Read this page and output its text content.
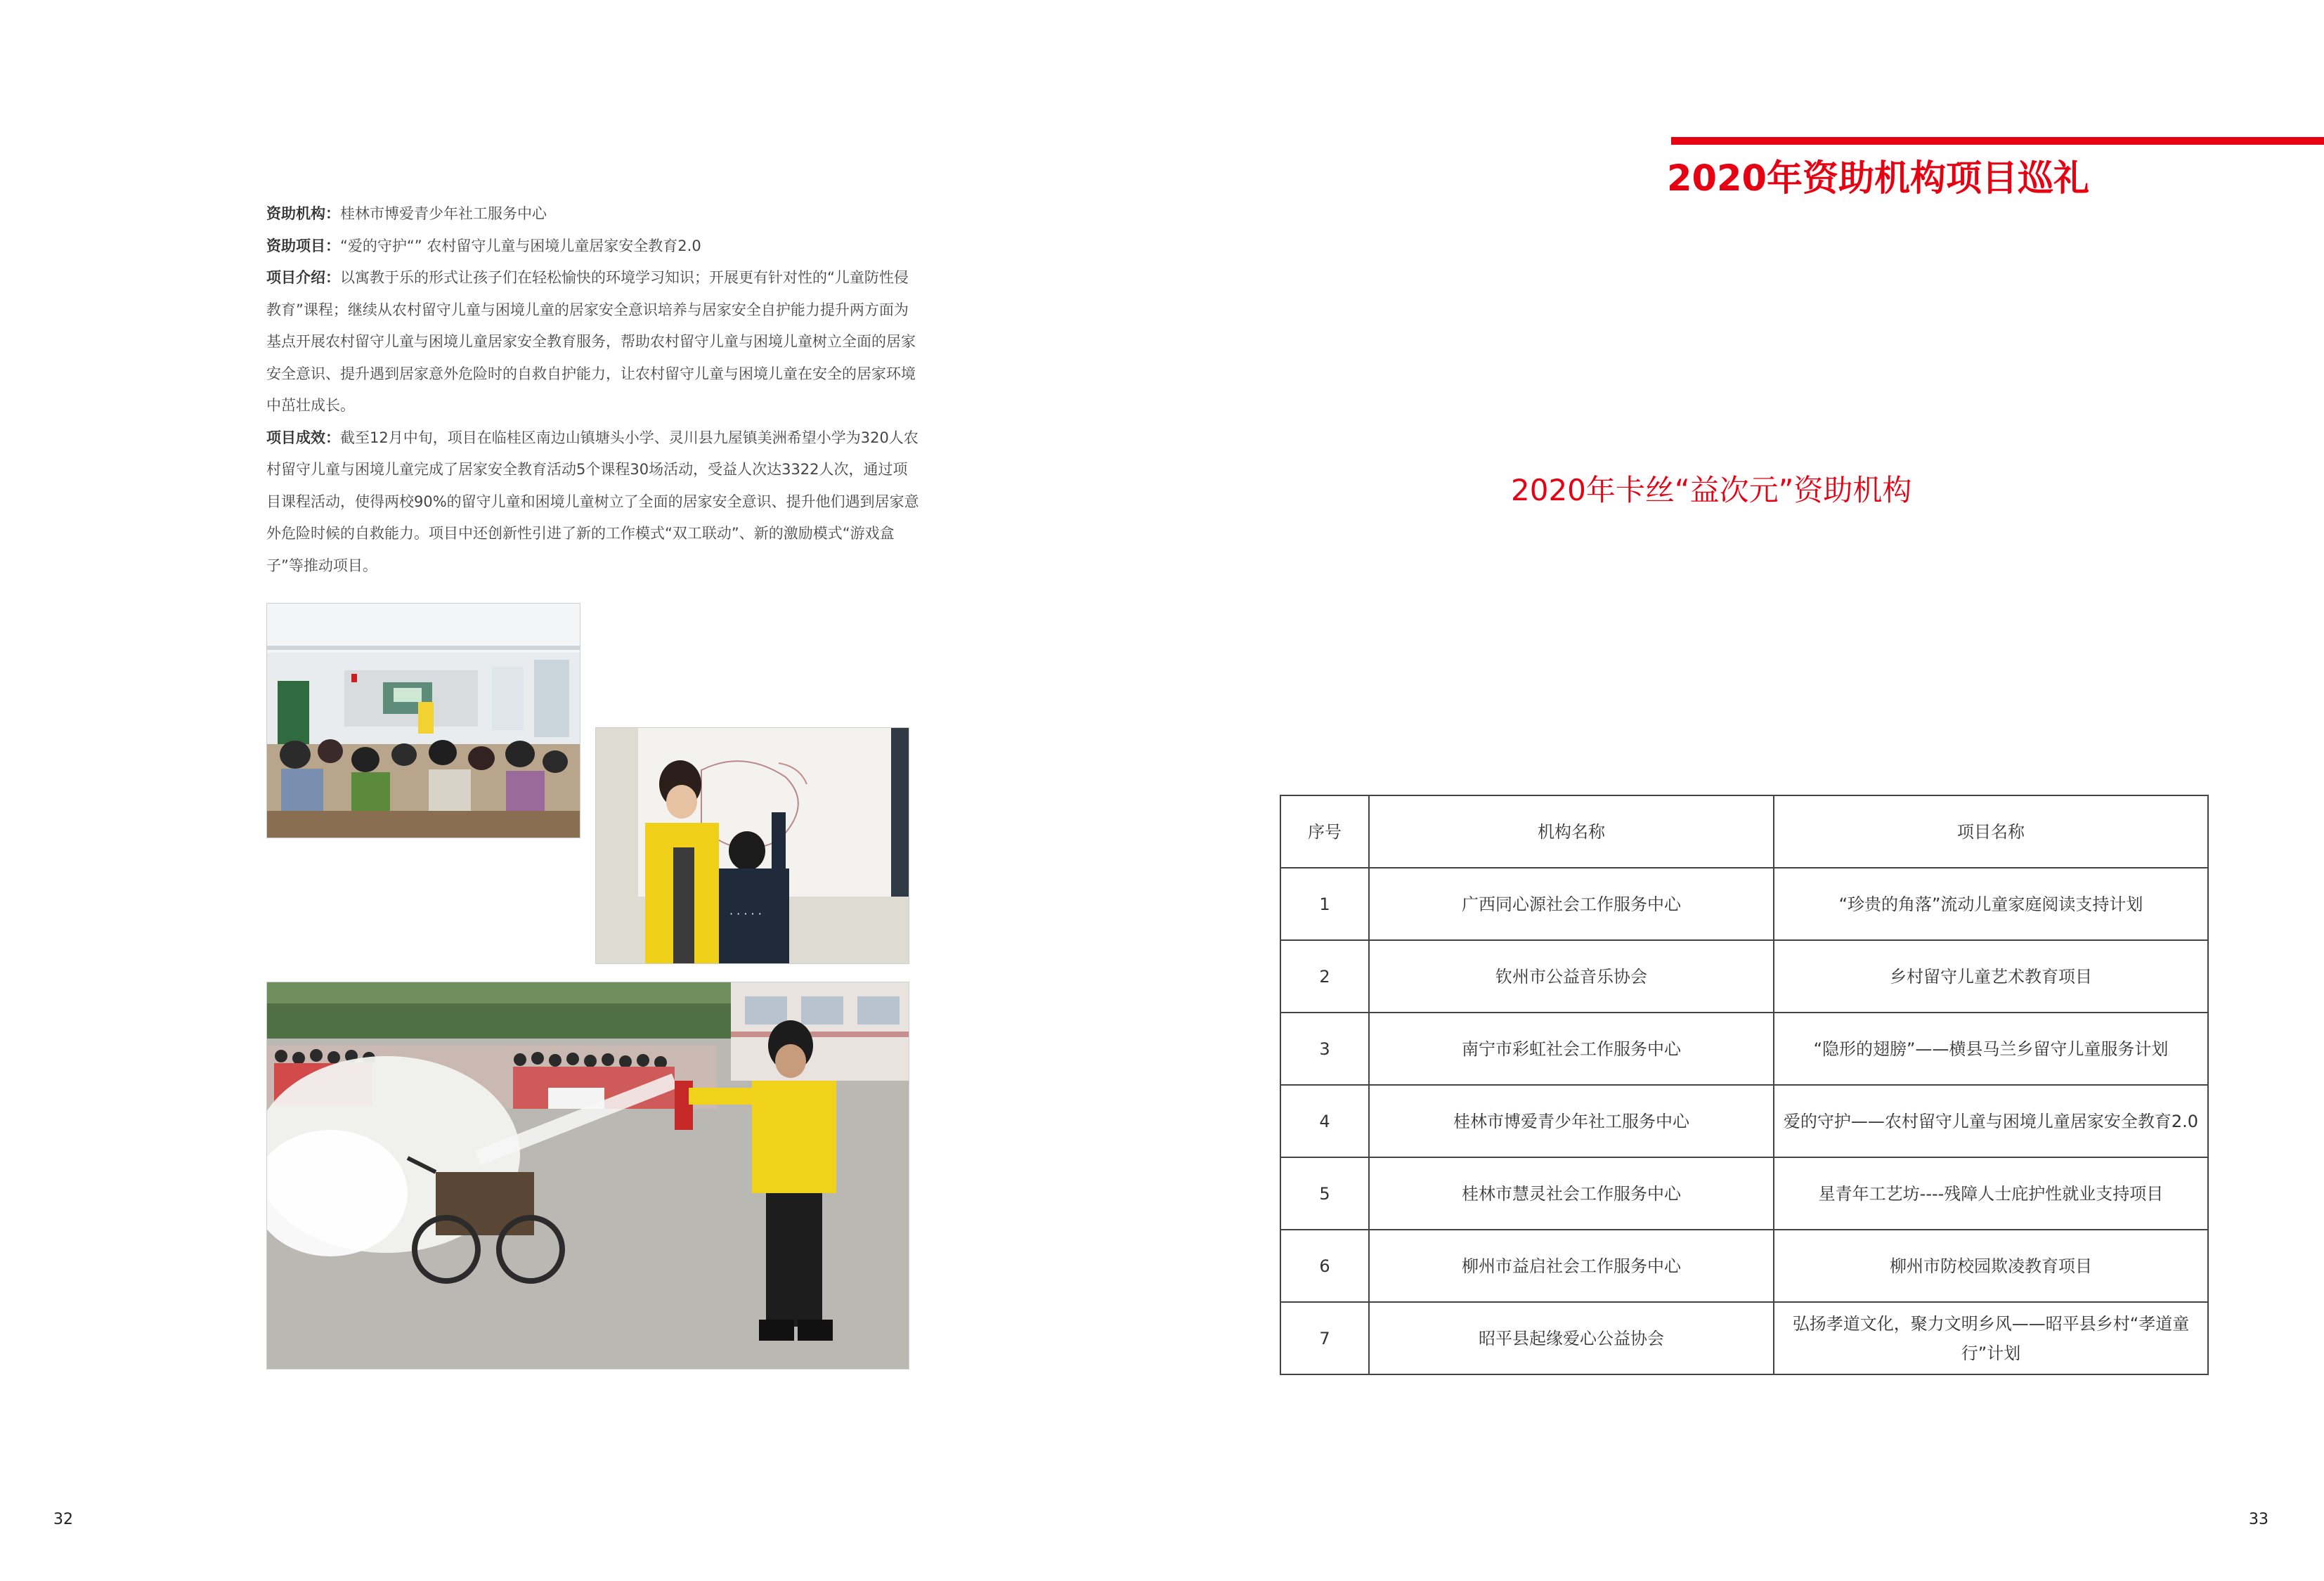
资助机构：桂林市博爱青少年社工服务中心

资助项目：“爱的守护“” 农村留守儿童与困境儿童居家安全教育2.0

项目介绍：以寓教于乐的形式让孩子们在轻松愉快的环境学习知识；开展更有针对性的“儿童防性侵教育”课程；继续从农村留守儿童与困境儿童的居家安全意识培养与居家安全自护能力提升两方面为基点开展农村留守儿童与困境儿童居家安全教育服务，帮助农村留守儿童与困境儿童树立全面的居家安全意识、提升遇到居家意外危险时的自救自护能力，让农村留守儿童与困境儿童在安全的居家环境中茁壮成长。

项目成效：截至12月中旬，项目在临桂区南边山镇塘头小学、灵川县九屋镇美洲希望小学为320人农村留守儿童与困境儿童完成了居家安全教育活动5个课程30场活动，受益人次达3322人次，通过项目课程活动，使得两校90%的留守儿童和困境儿童树立了全面的居家安全意识、提升他们遇到居家意外危险时候的自救能力。项目中还创新性引进了新的工作模式“双工联动”、新的激励模式“游戏盒子”等推动项目。

· · · · ·
32
2020年资助机构项目巡礼
2020年卡丝“益次元”资助机构
序号	机构名称	项目名称
1	广西同心源社会工作服务中心	“珍贵的角落”流动儿童家庭阅读支持计划
2	钦州市公益音乐协会	乡村留守儿童艺术教育项目
3	南宁市彩虹社会工作服务中心	“隐形的翅膀”——横县马兰乡留守儿童服务计划
4	桂林市博爱青少年社工服务中心	爱的守护——农村留守儿童与困境儿童居家安全教育2.0
5	桂林市慧灵社会工作服务中心	星青年工艺坊----残障人士庇护性就业支持项目
6	柳州市益启社会工作服务中心	柳州市防校园欺凌教育项目
7	昭平县起缘爱心公益协会	弘扬孝道文化，聚力文明乡风——昭平县乡村“孝道童行”计划
33
